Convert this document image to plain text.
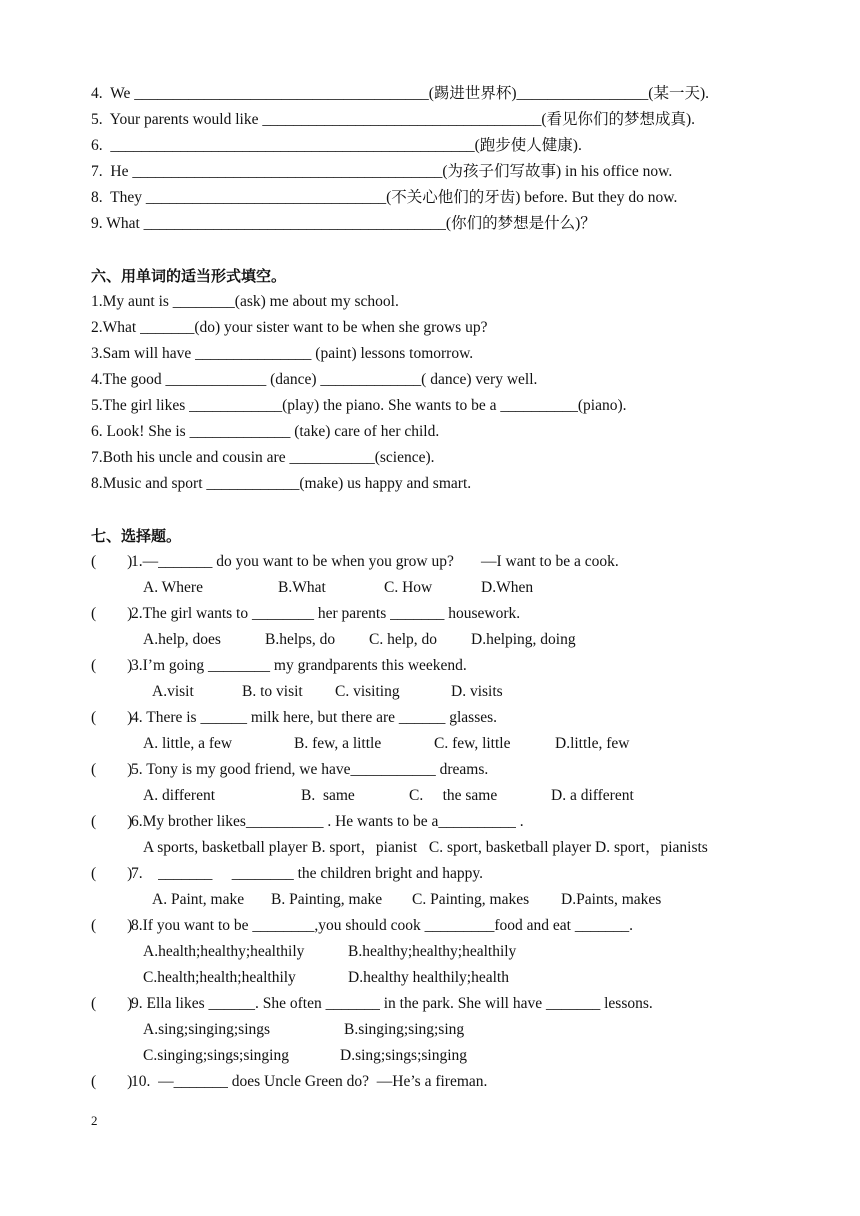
4.  We ______________________________________(踢进世界杯)_________________(某一天).
5.  Your parents would like ____________________________________(看见你们的梦想成真).
6.  _______________________________________________(跑步使人健康).
7.  He ________________________________________(为孩子们写故事) in his office now.
8.  They _______________________________(不关心他们的牙齿) before. But they do now.
9. What _______________________________________(你们的梦想是什么)？
六、用单词的适当形式填空。
1.My aunt is ________(ask) me about my school.
2.What _______(do) your sister want to be when she grows up?
3.Sam will have _______________ (paint) lessons tomorrow.
4.The good _____________ (dance) _____________( dance) very well.
5.The girl likes ____________(play) the piano. She wants to be a __________(piano).
6. Look! She is _____________ (take) care of her child.
7.Both his uncle and cousin are ___________(science).
8.Music and sport ____________(make) us happy and smart.
七、选择题。
(        )
1.—_______ do you want to be when you grow up?       —I want to be a cook.
A. Where	B.What	C. How	D.When
(        )
2.The girl wants to ________ her parents _______ housework.
A.help, does	B.helps, do C. help, do D.helping, doing
(        )
3.I’m going ________ my grandparents this weekend.
A.visit	B. to visit C. visiting	D. visits
(        )
4. There is ______ milk here, but there are ______ glasses.
A. little, a few	B. few, a little	C. few, little	D.little, few
(        )
5. Tony is my good friend, we have___________ dreams.
A. different	B.  same	C.     the same	D. a different
(        )
6.My brother likes__________ . He wants to be a__________ .
A sports, basketball player B. sport，pianist   C. sport, basketball player D. sport，pianists
(        )
7.    _______     ________ the children bright and happy.
A. Paint, make B. Painting, make C. Painting, makes D.Paints, makes
(        )
8.If you want to be ________,you should cook _________food and eat _______.
A.health;healthy;healthily	B.healthy;healthy;healthily
C.health;health;healthily	D.healthy healthily;health
(        )
9. Ella likes ______. She often _______ in the park. She will have _______ lessons.
A.sing;singing;sings	B.singing;sing;sing
C.singing;sings;singing	D.sing;sings;singing
(        )
10.  —_______ does Uncle Green do?  —He’s a fireman.
2
